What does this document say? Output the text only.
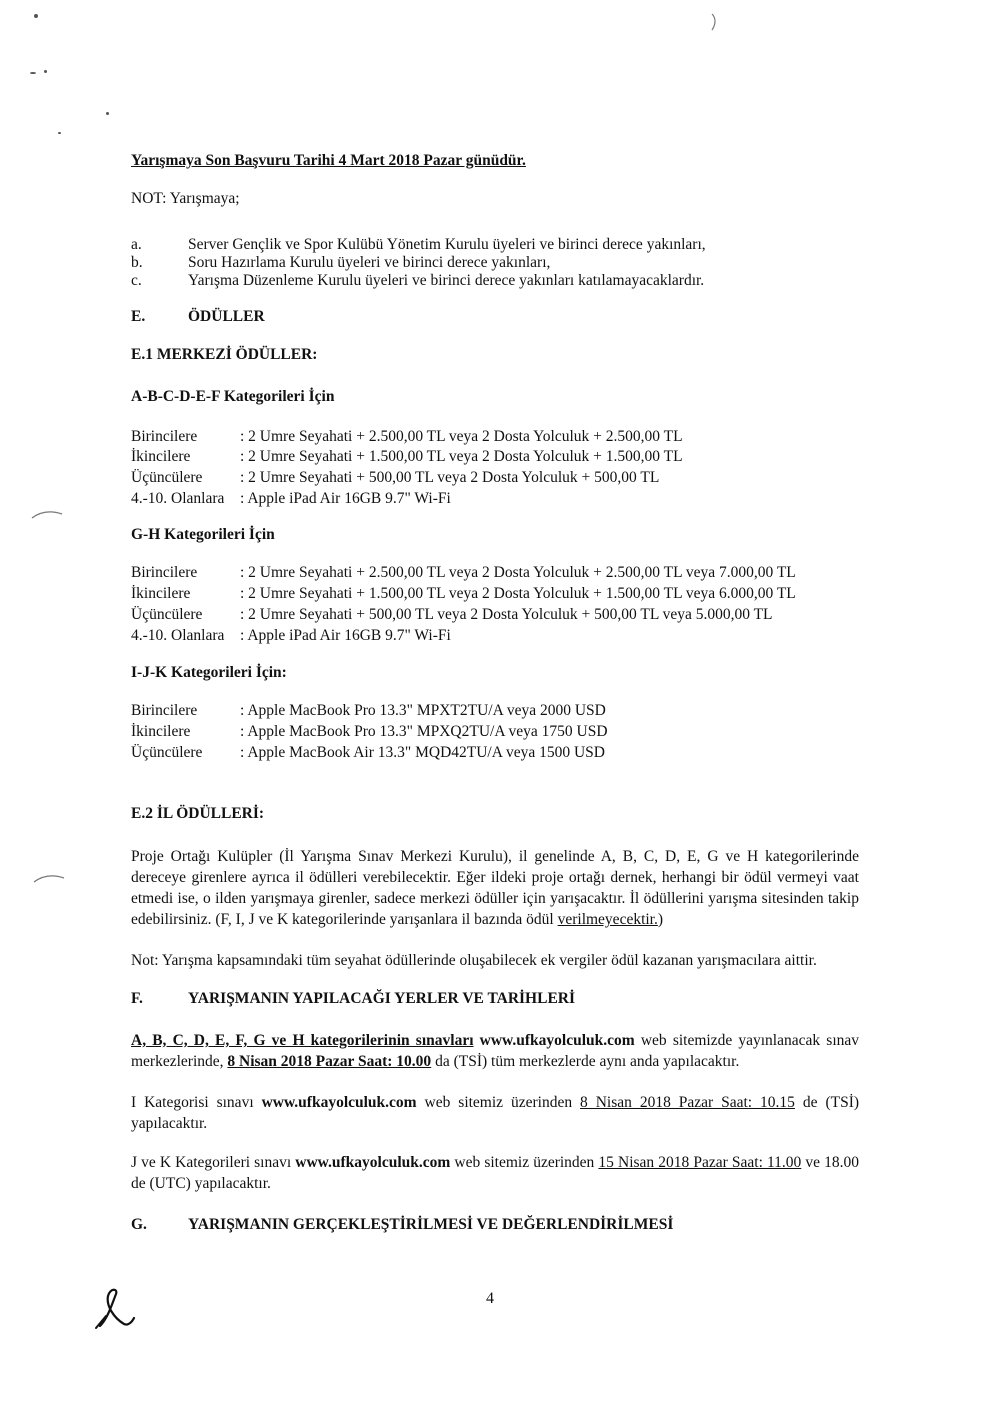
Yarışmaya Son Başvuru Tarihi 4 Mart 2018 Pazar günüdür.
NOT: Yarışmaya;
a.	Server Gençlik ve Spor Kulübü Yönetim Kurulu üyeleri ve birinci derece yakınları,
b.	Soru Hazırlama Kurulu üyeleri ve birinci derece yakınları,
c.	Yarışma Düzenleme Kurulu üyeleri ve birinci derece yakınları katılamayacaklardır.
E.	ÖDÜLLER
E.1 MERKEZİ ÖDÜLLER:
A-B-C-D-E-F Kategorileri İçin
Birincilere	: 2 Umre Seyahati + 2.500,00 TL veya 2 Dosta Yolculuk + 2.500,00 TL
İkincilere	: 2 Umre Seyahati + 1.500,00 TL veya 2 Dosta Yolculuk + 1.500,00 TL
Üçüncülere : 2 Umre Seyahati + 500,00 TL veya 2 Dosta Yolculuk + 500,00 TL
4.-10. Olanlara : Apple iPad Air 16GB 9.7" Wi-Fi
G-H Kategorileri İçin
Birincilere	: 2 Umre Seyahati + 2.500,00 TL veya 2 Dosta Yolculuk + 2.500,00 TL veya 7.000,00 TL
İkincilere	: 2 Umre Seyahati + 1.500,00 TL veya 2 Dosta Yolculuk + 1.500,00 TL veya 6.000,00 TL
Üçüncülere : 2 Umre Seyahati + 500,00 TL veya 2 Dosta Yolculuk + 500,00 TL veya 5.000,00 TL
4.-10. Olanlara : Apple iPad Air 16GB 9.7" Wi-Fi
I-J-K Kategorileri İçin:
Birincilere	: Apple MacBook Pro 13.3" MPXT2TU/A veya 2000 USD
İkincilere	: Apple MacBook Pro 13.3" MPXQ2TU/A veya 1750 USD
Üçüncülere : Apple MacBook Air 13.3" MQD42TU/A veya 1500 USD
E.2 İL ÖDÜLLERİ:
Proje Ortağı Kulüpler (İl Yarışma Sınav Merkezi Kurulu), il genelinde A, B, C, D, E, G ve H kategorilerinde dereceye girenlere ayrıca il ödülleri verebilecektir. Eğer ildeki proje ortağı dernek, herhangi bir ödül vermeyi vaat etmedi ise, o ilden yarışmaya girenler, sadece merkezi ödüller için yarışacaktır. İl ödüllerini yarışma sitesinden takip edebilirsiniz. (F, I, J ve K kategorilerinde yarışanlara il bazında ödül verilmeyecektir.)
Not: Yarışma kapsamındaki tüm seyahat ödüllerinde oluşabilecek ek vergiler ödül kazanan yarışmacılara aittir.
F.	YARIŞMANIN YAPILACAĞI YERLER VE TARİHLERİ
A, B, C, D, E, F, G ve H kategorilerinin sınavları www.ufkayolculuk.com web sitemizde yayınlanacak sınav merkezlerinde, 8 Nisan 2018 Pazar Saat: 10.00 da (TSİ) tüm merkezlerde aynı anda yapılacaktır.
I Kategorisi sınavı www.ufkayolculuk.com web sitemiz üzerinden 8 Nisan 2018 Pazar Saat: 10.15 de (TSİ) yapılacaktır.
J ve K Kategorileri sınavı www.ufkayolculuk.com web sitemiz üzerinden 15 Nisan 2018 Pazar Saat: 11.00 ve 18.00 de (UTC) yapılacaktır.
G.	YARIŞMANIN GERÇEKLEŞTİRİLMESİ VE DEĞERLENDİRİLMESİ
4
